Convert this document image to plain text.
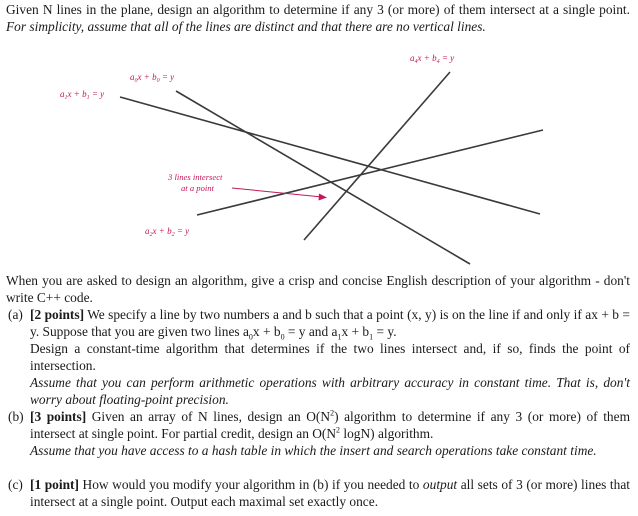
Given N lines in the plane, design an algorithm to determine if any 3 (or more) of them intersect at a single point. For simplicity, assume that all of the lines are distinct and that there are no vertical lines.

$a_0x + b_0 = y$
$a_1x + b_1 = y$
$a_4x + b_4 = y$
$a_2x + b_2 = y$
3 lines intersect
at a point

When you are asked to design an algorithm, give a crisp and concise English description of your algorithm - don't write C++ code.

(a) [2 points] We specify a line by two numbers a and b such that a point (x, y) is on the line if and only if ax + b = y. Suppose that you are given two lines $a_0x + b_0 = y$ and $a_1x + b_1 = y$.
Design a constant-time algorithm that determines if the two lines intersect and, if so, finds the point of intersection.
Assume that you can perform arithmetic operations with arbitrary accuracy in constant time. That is, don't worry about floating-point precision.
(b) [3 points] Given an array of N lines, design an $O(N^2)$ algorithm to determine if any 3 (or more) of them intersect at single point. For partial credit, design an $O(N^2$ logN) algorithm.
Assume that you have access to a hash table in which the insert and search operations take constant time.
(c) [1 point] How would you modify your algorithm in (b) if you needed to output all sets of 3 (or more) lines that intersect at a single point. Output each maximal set exactly once.
